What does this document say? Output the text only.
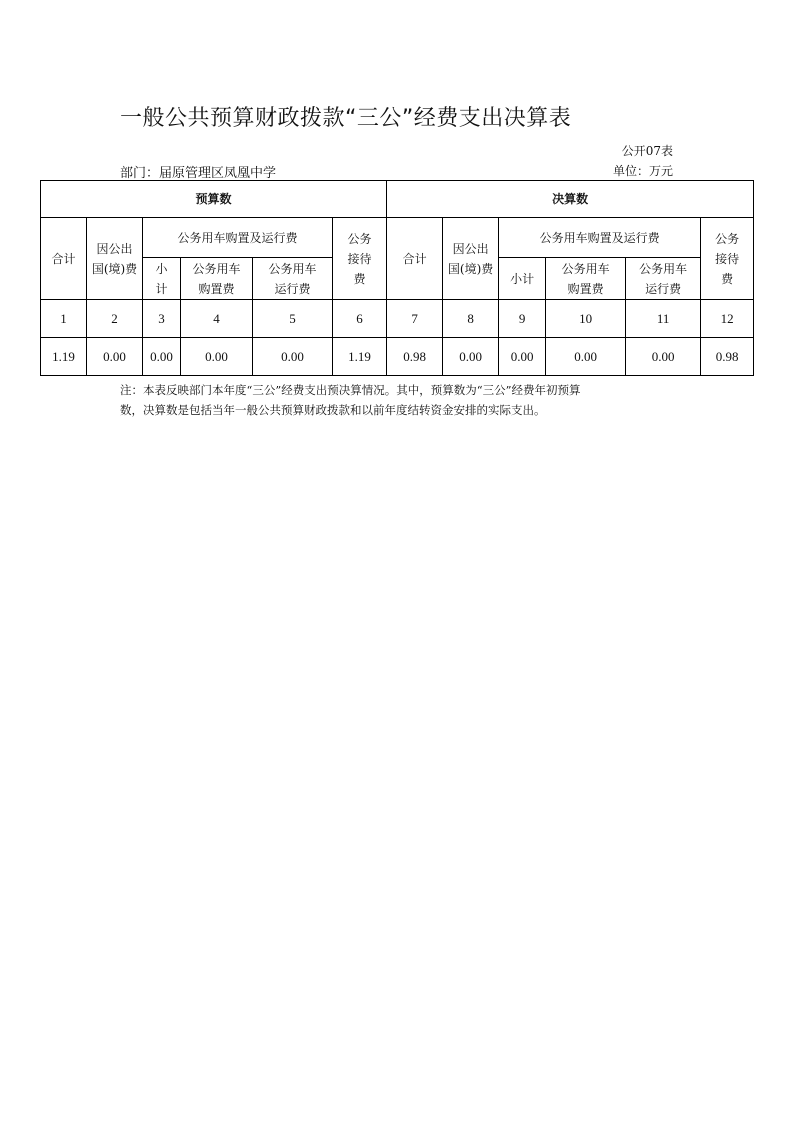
一般公共预算财政拨款“三公”经费支出决算表
公开07表
部门：届原管理区凤凰中学	单位：万元
预算数						决算数					
合计	因公出国(境)费	公务用车购置及运行费			公务接待费	合计	因公出国(境)费	公务用车购置及运行费			公务接待费
		小计	公务用车购置费	公务用车运行费				小计	公务用车购置费	公务用车运行费	
1	2	3	4	5	6	7	8	9	10	11	12
1.19	0.00	0.00	0.00	0.00	1.19	0.98	0.00	0.00	0.00	0.00	0.98
注：本表反映部门本年度“三公”经费支出预决算情况。其中，预算数为“三公”经费年初预算
数，决算数是包括当年一般公共预算财政拨款和以前年度结转资金安排的实际支出。
